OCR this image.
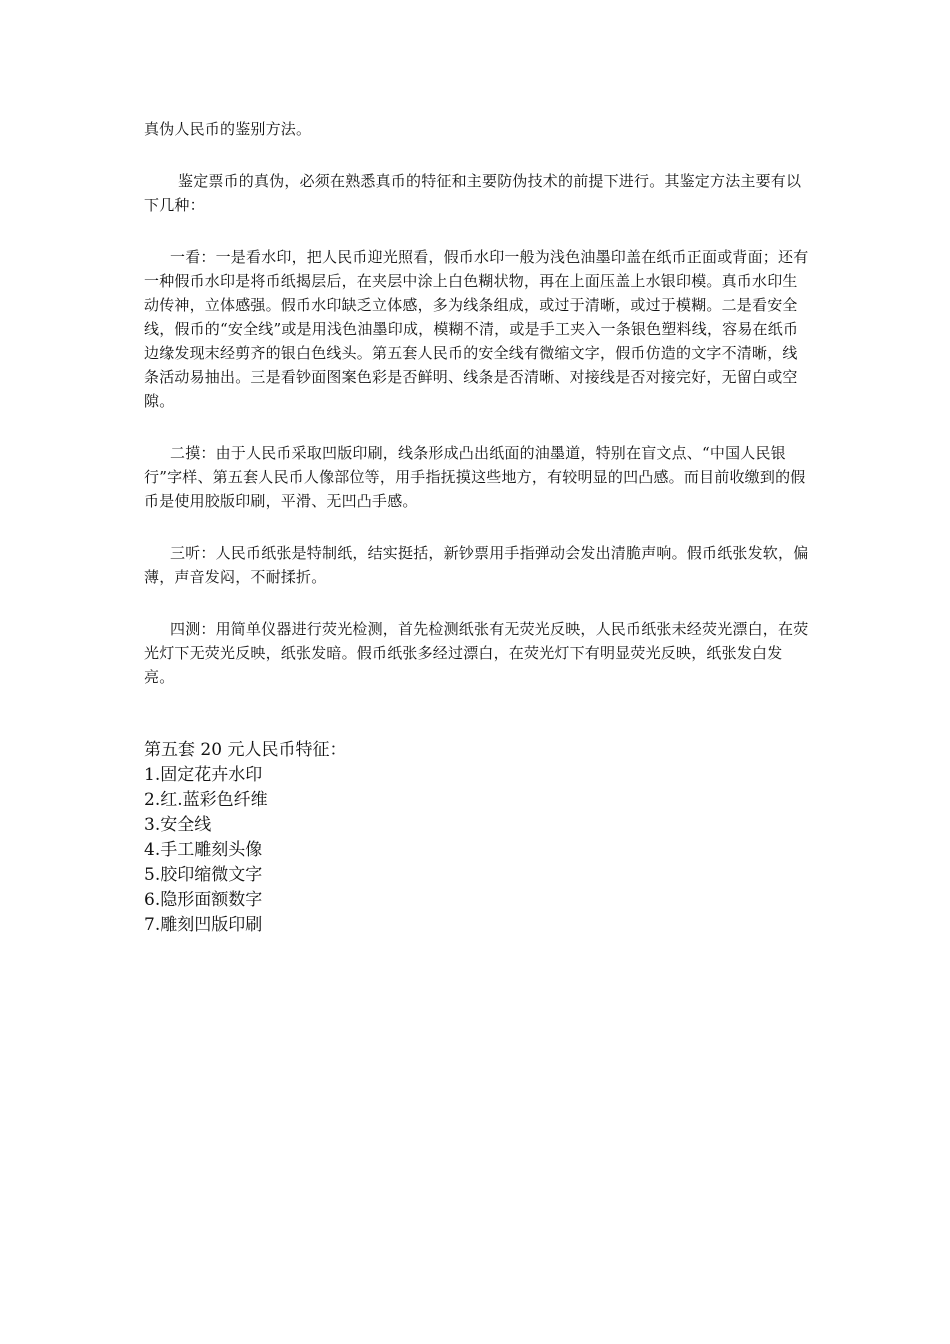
真伪人民币的鉴别方法。

鉴定票币的真伪，必须在熟悉真币的特征和主要防伪技术的前提下进行。其鉴定方法主要有以下几种：

一看：一是看水印，把人民币迎光照看，假币水印一般为浅色油墨印盖在纸币正面或背面；还有一种假币水印是将币纸揭层后，在夹层中涂上白色糊状物，再在上面压盖上水银印模。真币水印生动传神，立体感强。假币水印缺乏立体感，多为线条组成，或过于清晰，或过于模糊。二是看安全线，假币的“安全线”或是用浅色油墨印成，模糊不清，或是手工夹入一条银色塑料线，容易在纸币边缘发现末经剪齐的银白色线头。第五套人民币的安全线有微缩文字，假币仿造的文字不清晰，线条活动易抽出。三是看钞面图案色彩是否鲜明、线条是否清晰、对接线是否对接完好，无留白或空隙。

二摸：由于人民币采取凹版印刷，线条形成凸出纸面的油墨道，特别在盲文点、“中国人民银行”字样、第五套人民币人像部位等，用手指抚摸这些地方，有较明显的凹凸感。而目前收缴到的假币是使用胶版印刷，平滑、无凹凸手感。

三听：人民币纸张是特制纸，结实挺括，新钞票用手指弹动会发出清脆声响。假币纸张发软，偏薄，声音发闷，不耐揉折。

四测：用简单仪器进行荧光检测，首先检测纸张有无荧光反映，人民币纸张未经荧光漂白，在荧光灯下无荧光反映，纸张发暗。假币纸张多经过漂白，在荧光灯下有明显荧光反映，纸张发白发亮。

第五套 20 元人民币特征：
1.固定花卉水印
2.红.蓝彩色纤维
3.安全线
4.手工雕刻头像
5.胶印缩微文字
6.隐形面额数字
7.雕刻凹版印刷
